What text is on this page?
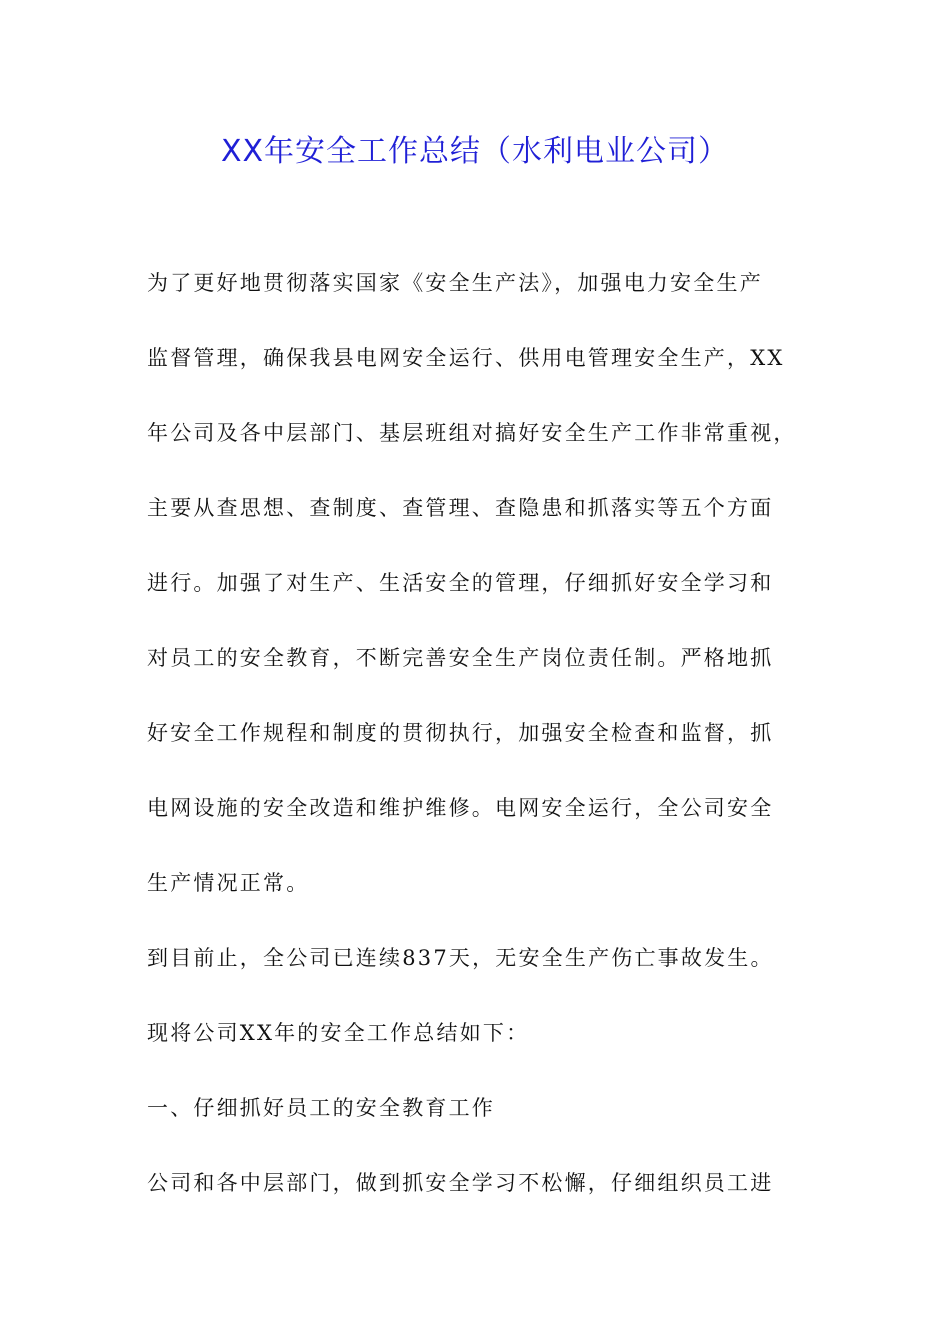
XX年安全工作总结（水利电业公司）
为了更好地贯彻落实国家《安全生产法》，加强电力安全生产
监督管理，确保我县电网安全运行、供用电管理安全生产，XX
年公司及各中层部门、基层班组对搞好安全生产工作非常重视，
主要从查思想、查制度、查管理、查隐患和抓落实等五个方面
进行。加强了对生产、生活安全的管理，仔细抓好安全学习和
对员工的安全教育，不断完善安全生产岗位责任制。严格地抓
好安全工作规程和制度的贯彻执行，加强安全检查和监督，抓
电网设施的安全改造和维护维修。电网安全运行，全公司安全
生产情况正常。
到目前止，全公司已连续837天，无安全生产伤亡事故发生。
现将公司XX年的安全工作总结如下：
一、仔细抓好员工的安全教育工作
公司和各中层部门，做到抓安全学习不松懈，仔细组织员工进
